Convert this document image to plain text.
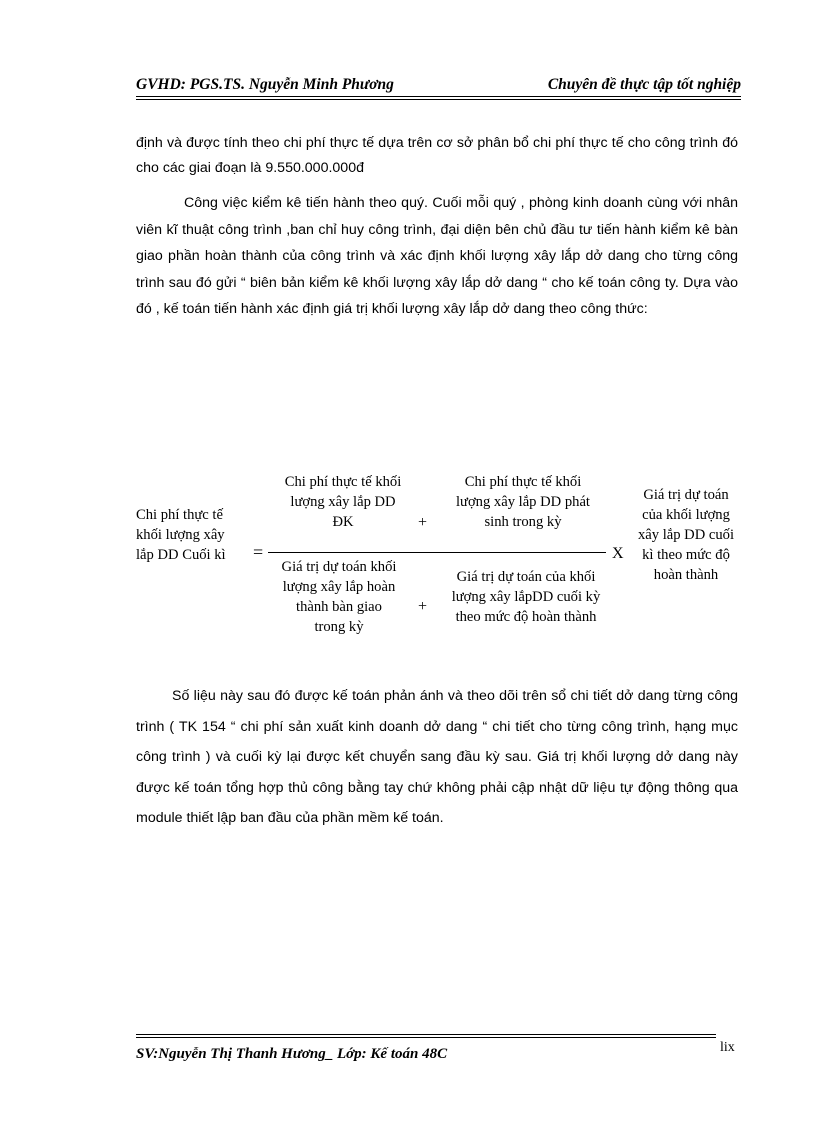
GVHD: PGS.TS. Nguyễn Minh Phương	Chuyên đề thực tập tốt nghiệp
định và được tính theo chi phí thực tế dựa trên cơ sở phân bổ chi phí thực tế cho công trình đó cho các giai đoạn là 9.550.000.000đ
Công việc kiểm kê tiến hành theo quý. Cuối mỗi quý , phòng kinh doanh cùng với nhân viên kĩ thuật công trình ,ban chỉ huy công trình, đại diện bên chủ đầu tư tiến hành kiểm kê bàn giao phần hoàn thành của công trình và xác định khối lượng xây lắp dở dang cho từng công trình sau đó gửi “ biên bản kiểm kê khối lượng xây lắp dở dang “ cho kế toán công ty. Dựa vào đó , kế toán tiến hành xác định giá trị khối lượng xây lắp dở dang theo công thức:
Chi phí thực tế khối lượng xây lắp DD Cuối kì	=
Chi phí thực tế khối lượng xây lắp DD ĐK	+
Chi phí thực tế khối lượng xây lắp DD phát sinh trong kỳ
X
Giá trị dự toán khối lượng xây lắp hoàn thành bàn giao trong kỳ
+
Giá trị dự toán của khối lượng xây lắpDD cuối kỳ theo mức độ hoàn thành
Giá trị dự toán của khối lượng xây lắp DD cuối kì theo mức độ hoàn thành
Số liệu này sau đó được kế toán phản ánh và theo dõi trên sổ chi tiết dở dang từng công trình ( TK 154 “ chi phí sản xuất kinh doanh dở dang “ chi tiết cho từng công trình, hạng mục công trình ) và cuối kỳ lại được kết chuyển sang đầu kỳ sau. Giá trị khối lượng dở dang này được kế toán tổng hợp thủ công bằng tay chứ không phải cập nhật dữ liệu tự động thông qua module thiết lập ban đầu của phần mềm kế toán.
SV:Nguyễn Thị Thanh Hương_ Lớp: Kế toán 48C	lix
